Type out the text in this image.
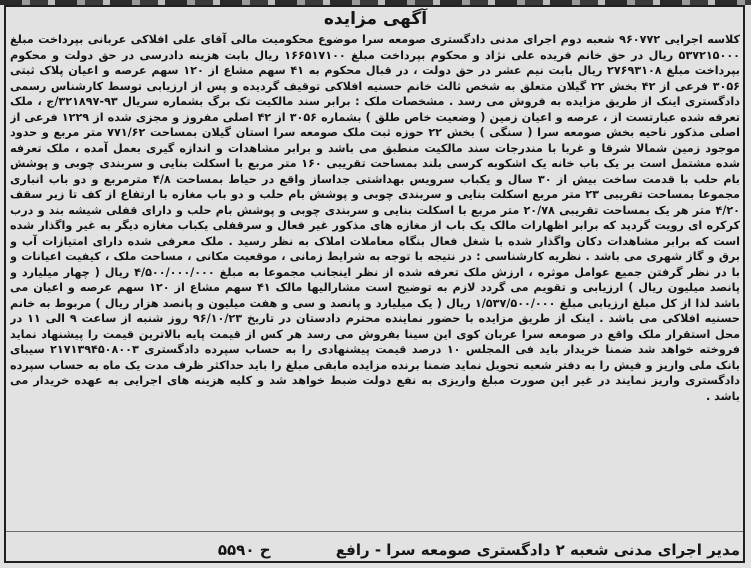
آگهی مزایده
کلاسه اجرایی ۹۶۰۷۷۲ شعبه دوم اجرای مدنی دادگستری صومعه سرا موضوع محکومیت مالی آقای علی افلاکی عربانی بپرداخت مبلغ ۵۳۷۲۱۵۰۰۰ ریال در حق خانم فریده علی نژاد و محکوم بپرداخت مبلغ ۱۶۶۵۱۷۱۰۰ ریال بابت هزینه دادرسی در حق دولت و محکوم بپرداخت مبلغ ۲۷۶۹۳۱۰۸ ریال بابت نیم عشر در حق دولت ، در قبال محکوم به ۴۱ سهم مشاع از ۱۲۰ سهم عرصه و اعیان پلاک ثبتی ۳۰۵۶ فرعی از ۴۲ بخش ۲۲ گیلان متعلق به شخص ثالث خانم حسنیه افلاکی توقیف گردیده و پس از ارزیابی توسط کارشناس رسمی دادگستری اینک از طریق مزایده به فروش می رسد . مشخصات ملک : برابر سند مالکیت تک برگ بشماره سریال ۹۳-۳۲۱۸۹۷/ج ، ملک تعرفه شده عبارتست از ، عرصه و اعیان زمین ( وضعیت خاص طلق ) بشماره ۳۰۵۶ از ۴۲ اصلی مفروز و مجزی شده از ۱۲۲۹ فرعی از اصلی مذکور ناحیه بخش صومعه سرا ( سنگی ) بخش ۲۲ حوزه ثبت ملک صومعه سرا استان گیلان بمساحت ۷۷۱/۶۲ متر مربع و حدود موجود زمین شمالا شرقا و غربا با مندرجات سند مالکیت منطبق می باشد و برابر مشاهدات و اندازه گیری بعمل آمده ، ملک تعرفه شده مشتمل است بر یک باب خانه یک اشکوبه کرسی بلند بمساحت تقریبی ۱۶۰ متر مربع با اسکلت بنایی و سربندی چوبی و پوشش بام حلب با قدمت ساخت بیش از ۳۰ سال و یکباب سرویس بهداشتی جداساز واقع در حیاط بمساحت ۴/۸ مترمربع و دو باب انباری مجموعا بمساحت تقریبی ۲۳ متر مربع اسکلت بنایی و سربندی چوبی و پوشش بام حلب و دو باب مغازه با ارتفاع از کف تا زیر سقف ۴/۲۰ متر هر یک بمساحت تقریبی ۲۰/۷۸ متر مربع با اسکلت بنایی و سربندی چوبی و پوشش بام حلب و دارای قفلی شیشه بند و درب کرکره ای رویت گردید که برابر اظهارات مالک یک باب از مغازه های مذکور غیر فعال و سرقفلی یکباب مغازه دیگر به غیر واگذار شده است که برابر مشاهدات دکان واگذار شده با شغل فعال بنگاه معاملات املاک به نظر رسید . ملک معرفی شده دارای امتیازات آب و برق و گاز شهری می باشد . نظریه کارشناسی : در نتیجه با توجه به شرایط زمانی ، موقعیت مکانی ، مساحت ملک ، کیفیت اعیانات و با در نظر گرفتن جمیع عوامل موثره ، ارزش ملک تعرفه شده از نظر اینجانب مجموعا به مبلغ ۴/۵۰۰/۰۰۰/۰۰۰ ریال ( چهار میلیارد و پانصد میلیون ریال ) ارزیابی و تقویم می گردد لازم به توضیح است مشارالیها مالک ۴۱ سهم مشاع از ۱۲۰ سهم عرصه و اعیان می باشد لذا از کل مبلغ ارزیابی مبلغ ۱/۵۳۷/۵۰۰/۰۰۰ ریال ( یک میلیارد و پانصد و سی و هفت میلیون و پانصد هزار ریال ) مربوط به خانم حسنیه افلاکی می باشد . اینک از طریق مزایده با حضور نماینده محترم دادستان در تاریخ ۹۶/۱۰/۲۳ روز شنبه از ساعت ۹ الی ۱۱ در محل استقرار ملک واقع در صومعه سرا عربان کوی این سینا بفروش می رسد هر کس از قیمت پایه بالاترین قیمت را پیشنهاد نماید فروخته خواهد شد ضمنا خریدار باید فی المجلس ۱۰ درصد قیمت پیشنهادی را به حساب سپرده دادگستری ۲۱۷۱۳۹۴۵۰۸۰۰۳ سیبای بانک ملی واریز و فیش را به دفتر شعبه تحویل نماید ضمنا برنده مزایده مابقی مبلغ را باید حداکثر ظرف مدت یک ماه به حساب سپرده دادگستری واریز نمایند در غیر این صورت مبلغ واریزی به نفع دولت ضبط خواهد شد و کلیه هزینه های اجرایی به عهده خریدار می باشد .
مدیر اجرای مدنی شعبه ۲ دادگستری صومعه سرا - رافع ح ۵۵۹۰
